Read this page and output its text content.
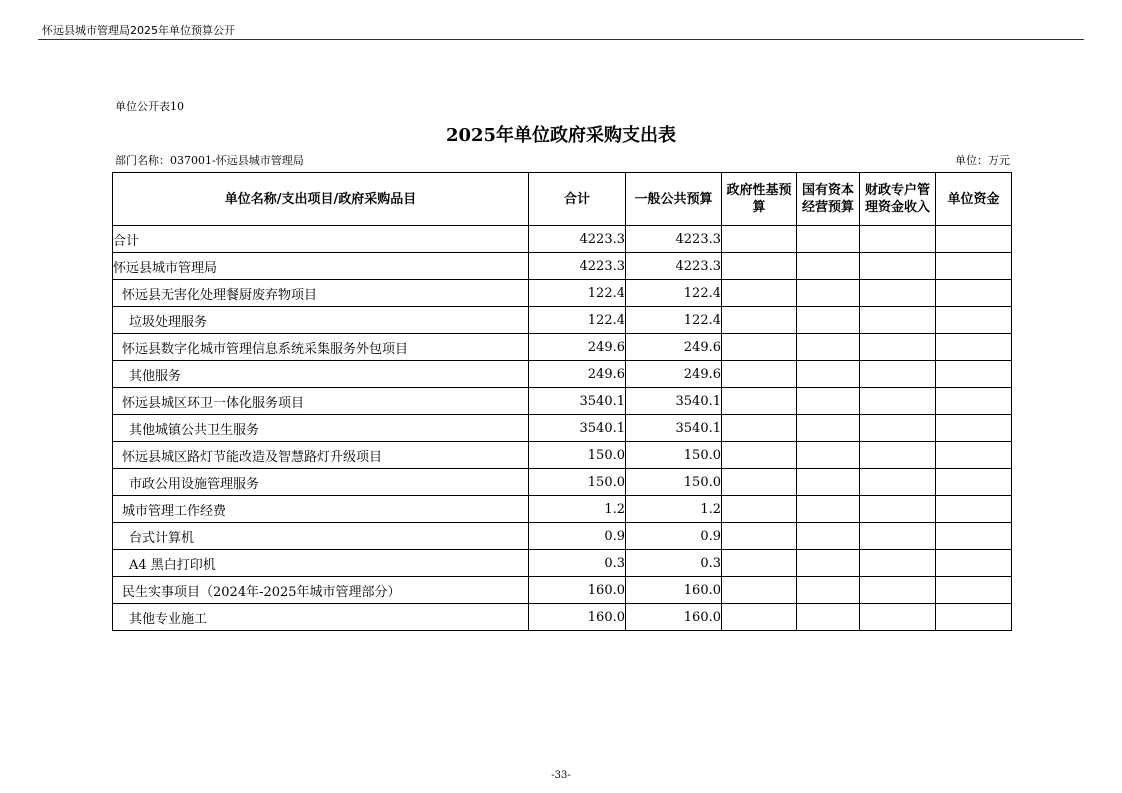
怀远县城市管理局2025年单位预算公开
单位公开表10
2025年单位政府采购支出表
部门名称：037001-怀远县城市管理局	单位：万元
单位名称/支出项目/政府采购品目	合计	一般公共预算	政府性基预算	国有资本经营预算	财政专户管理资金收入	单位资金
合计	4223.3	4223.3				
怀远县城市管理局	4223.3	4223.3				
怀远县无害化处理餐厨废弃物项目	122.4	122.4				
垃圾处理服务	122.4	122.4				
怀远县数字化城市管理信息系统采集服务外包项目	249.6	249.6				
其他服务	249.6	249.6				
怀远县城区环卫一体化服务项目	3540.1	3540.1				
其他城镇公共卫生服务	3540.1	3540.1				
怀远县城区路灯节能改造及智慧路灯升级项目	150.0	150.0				
市政公用设施管理服务	150.0	150.0				
城市管理工作经费	1.2	1.2				
台式计算机	0.9	0.9				
A4 黑白打印机	0.3	0.3				
民生实事项目（2024年-2025年城市管理部分）	160.0	160.0				
其他专业施工	160.0	160.0				
-33-
